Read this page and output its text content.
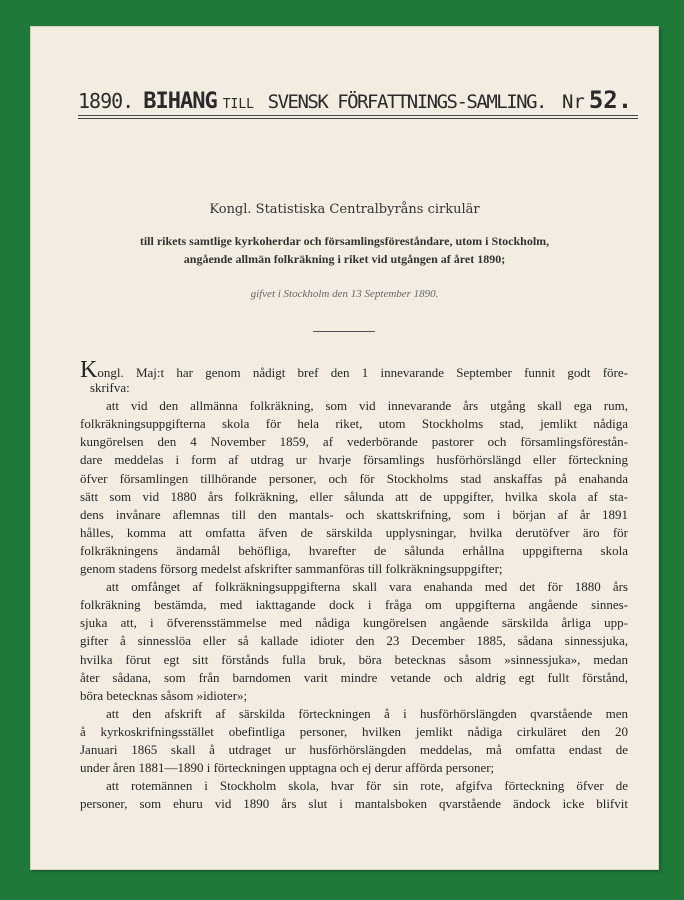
1890. BIHANG TILL SVENSK FÖRFATTNINGS-SAMLING. Nr 52.
Kongl. Statistiska Centralbyråns cirkulär
till rikets samtlige kyrkoherdar och församlingsföreståndare, utom i Stockholm,
angående allmän folkräkning i riket vid utgången af året 1890;
gifvet i Stockholm den 13 September 1890.
Kongl. Maj:t har genom nådigt bref den 1 innevarande September funnit godt före-
skrifva:
att vid den allmänna folkräkning, som vid innevarande års utgång skall ega rum,
folkräkningsuppgifterna skola för hela riket, utom Stockholms stad, jemlikt nådiga
kungörelsen den 4 November 1859, af vederbörande pastorer och församlingsförestån-
dare meddelas i form af utdrag ur hvarje församlings husförhörslängd eller förteckning
öfver församlingen tillhörande personer, och för Stockholms stad anskaffas på enahanda
sätt som vid 1880 års folkräkning, eller sålunda att de uppgifter, hvilka skola af sta-
dens invånare aflemnas till den mantals- och skattskrifning, som i början af år 1891
hålles, komma att omfatta äfven de särskilda upplysningar, hvilka derutöfver äro för
folkräkningens ändamål behöfliga, hvarefter de sålunda erhållna uppgifterna skola
genom stadens försorg medelst afskrifter sammanföras till folkräkningsuppgifter;
att omfånget af folkräkningsuppgifterna skall vara enahanda med det för 1880 års
folkräkning bestämda, med iakttagande dock i fråga om uppgifterna angående sinnes-
sjuka att, i öfverensstämmelse med nådiga kungörelsen angående särskilda årliga upp-
gifter å sinnesslöa eller så kallade idioter den 23 December 1885, sådana sinnessjuka,
hvilka förut egt sitt förstånds fulla bruk, böra betecknas såsom »sinnessjuka», medan
åter sådana, som från barndomen varit mindre vetande och aldrig egt fullt förstånd,
böra betecknas såsom »idioter»;
att den afskrift af särskilda förteckningen å i husförhörslängden qvarstående men
å kyrkoskrifningsstället obefintliga personer, hvilken jemlikt nådiga cirkuläret den 20
Januari 1865 skall å utdraget ur husförhörslängden meddelas, må omfatta endast de
under åren 1881—1890 i förteckningen upptagna och ej derur afförda personer;
att rotemännen i Stockholm skola, hvar för sin rote, afgifva förteckning öfver de
personer, som ehuru vid 1890 års slut i mantalsboken qvarstående ändock icke blifvit
